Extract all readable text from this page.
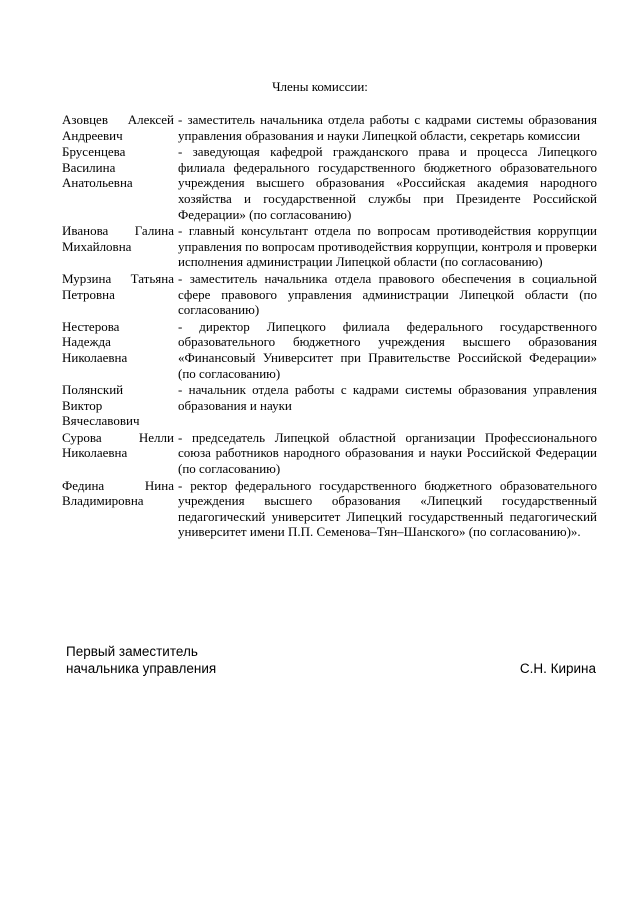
Члены комиссии:
Азовцев Алексей
Андреевич
- заместитель начальника отдела работы с кадрами системы образования управления образования и науки Липецкой области, секретарь комиссии
Брусенцева
Василина
Анатольевна
- заведующая кафедрой гражданского права и процесса Липецкого филиала федерального государственного бюджетного образовательного учреждения высшего образования «Российская академия народного хозяйства и государственной службы при Президенте Российской Федерации» (по согласованию)
Иванова Галина
Михайловна
- главный консультант отдела по вопросам противодействия коррупции управления по вопросам противодействия коррупции, контроля и проверки исполнения администрации Липецкой области (по согласованию)
Мурзина Татьяна
Петровна
- заместитель начальника отдела правового обеспечения в социальной сфере правового управления администрации Липецкой области (по согласованию)
Нестерова
Надежда
Николаевна
- директор Липецкого филиала федерального государственного образовательного бюджетного учреждения высшего образования «Финансовый Университет при Правительстве Российской Федерации» (по согласованию)
Полянский
Виктор
Вячеславович
- начальник отдела работы с кадрами системы образования управления образования и науки
Сурова Нелли
Николаевна
- председатель Липецкой областной организации Профессионального союза работников народного образования и науки Российской Федерации (по согласованию)
Федина Нина
Владимировна
- ректор федерального государственного бюджетного образовательного учреждения высшего образования «Липецкий государственный педагогический университет Липецкий государственный педагогический университет имени П.П. Семенова–Тян–Шанского» (по согласованию)».
Первый заместитель
начальника управления	С.Н. Кирина
